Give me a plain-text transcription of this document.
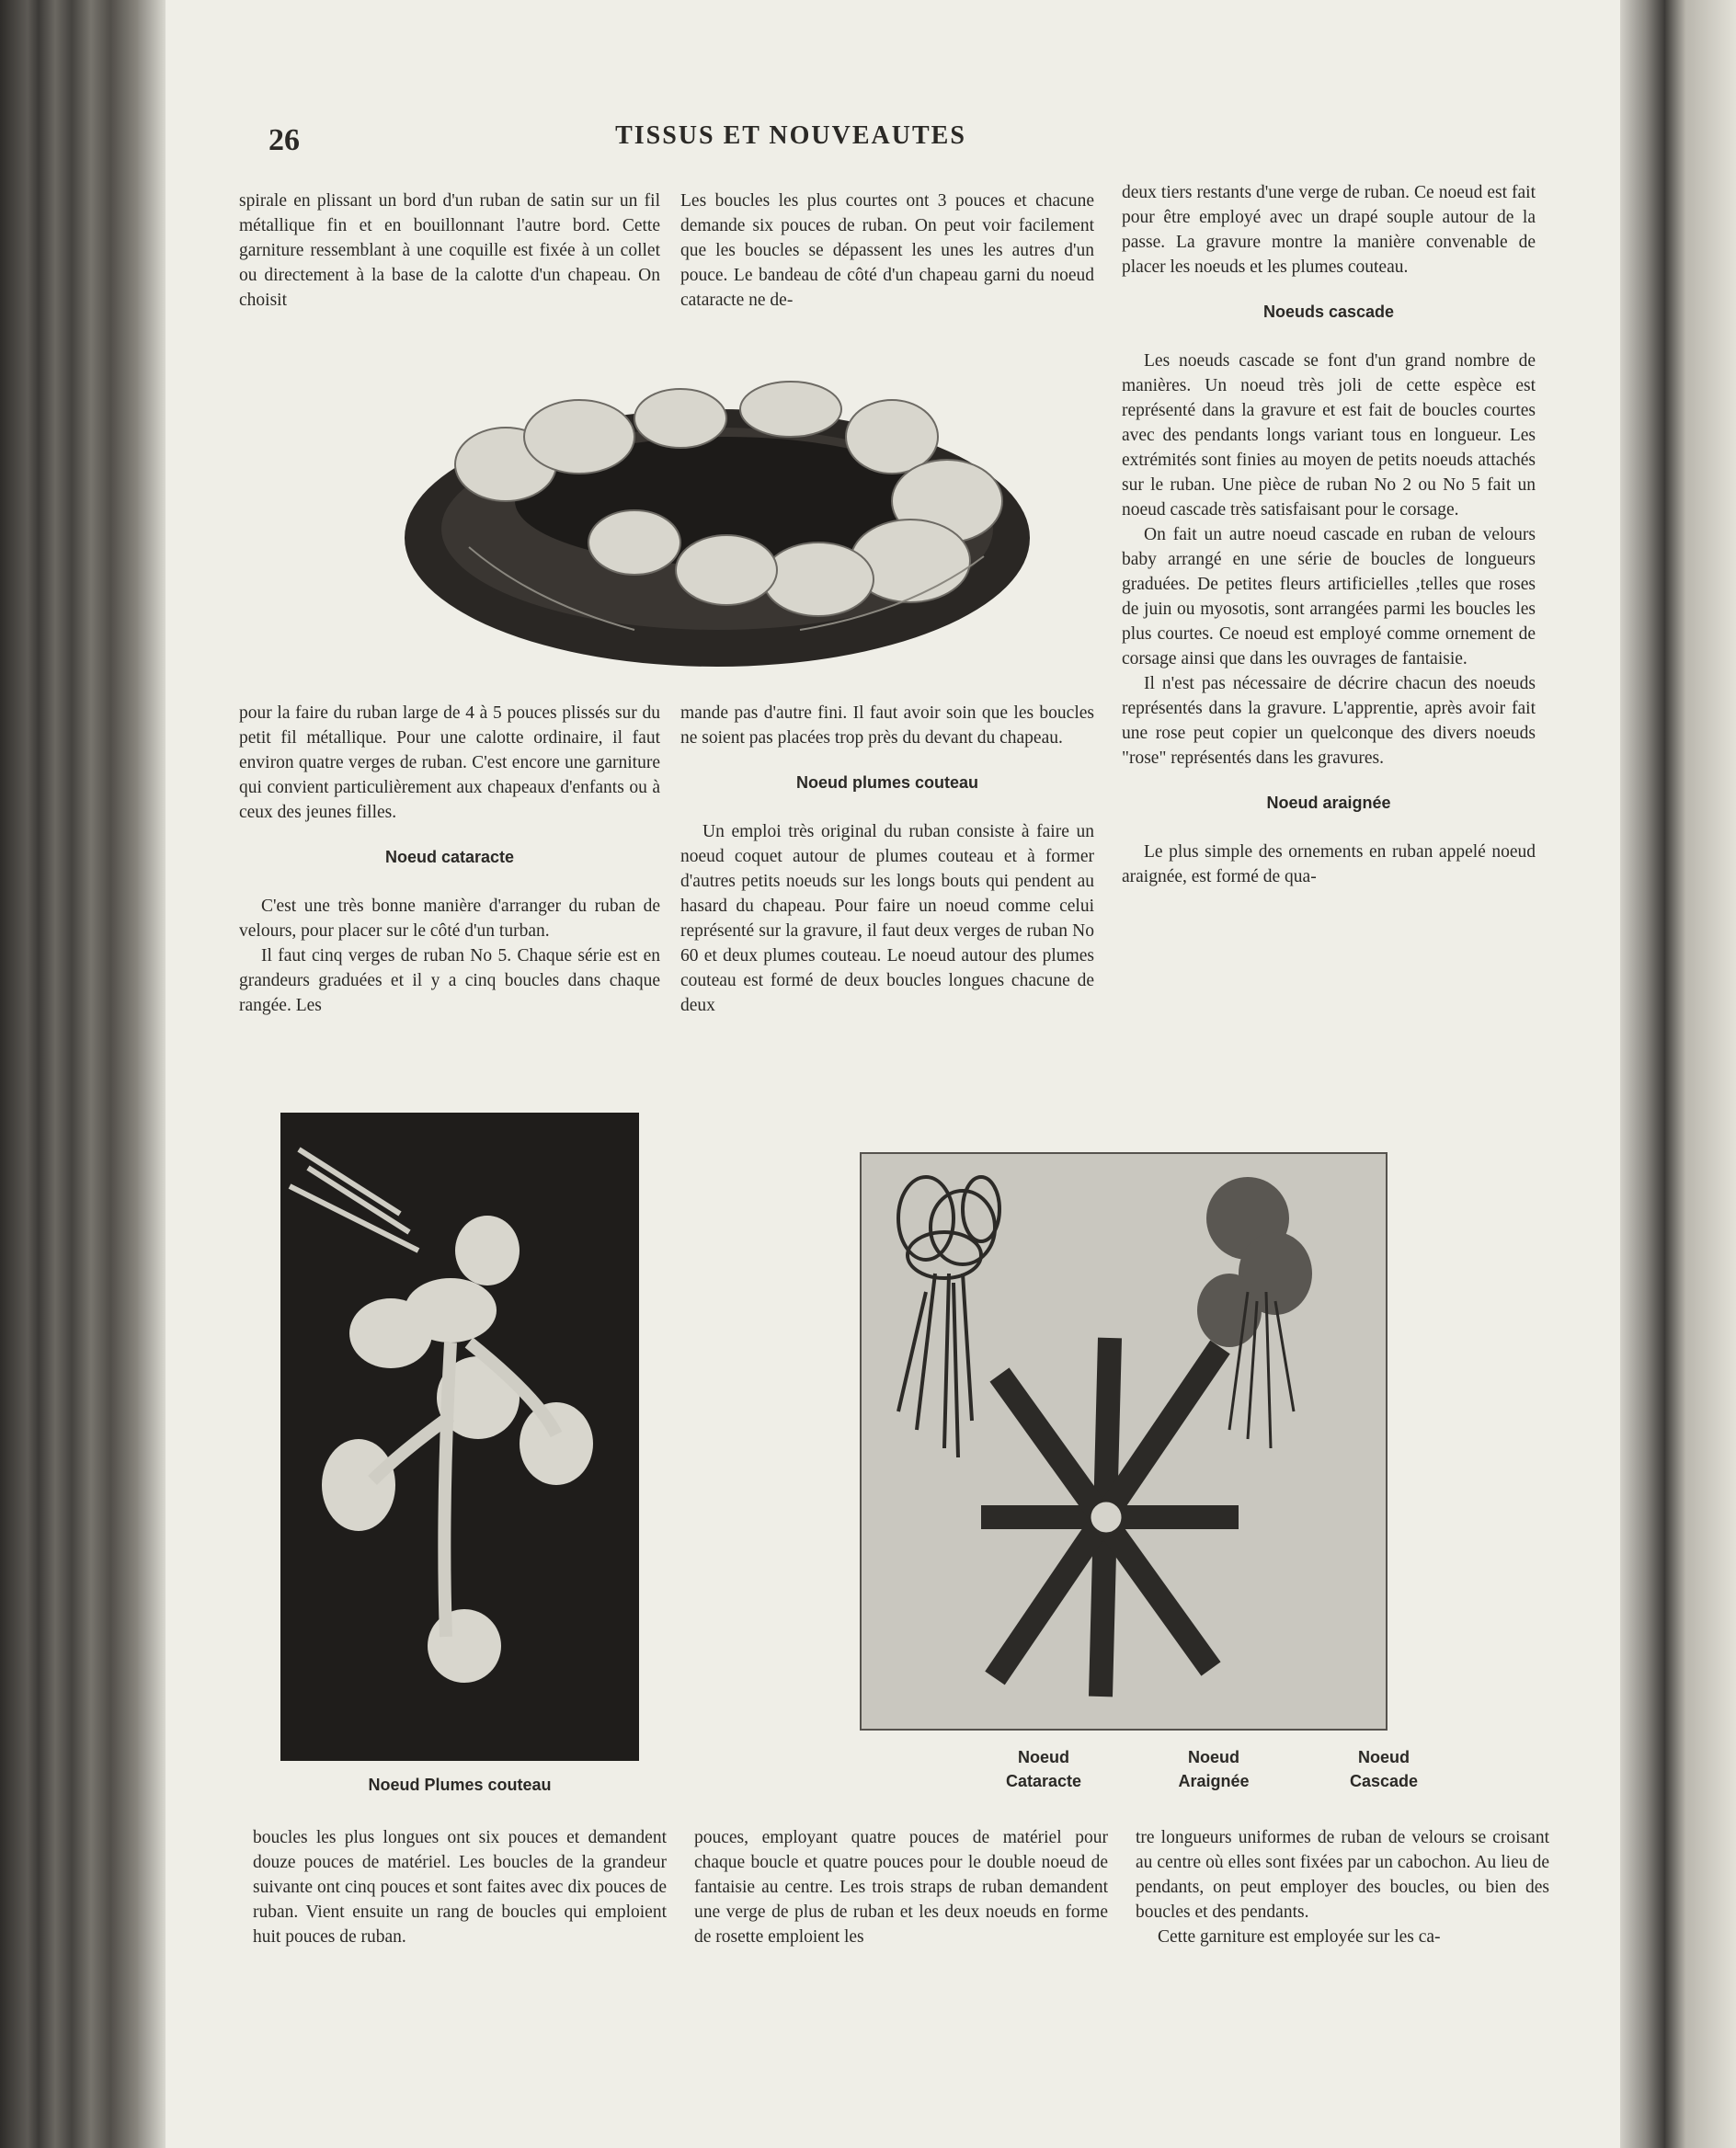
26	TISSUS ET NOUVEAUTES

spirale en plissant un bord d'un ruban de satin sur un fil métallique fin et en bouillonnant l'autre bord. Cette garniture ressemblant à une coquille est fixée à un collet ou directement à la base de la calotte d'un chapeau. On choisit

Les boucles les plus courtes ont 3 pouces et chacune demande six pouces de ruban. On peut voir facilement que les boucles se dépassent les unes les autres d'un pouce. Le bandeau de côté d'un chapeau garni du noeud cataracte ne de-

deux tiers restants d'une verge de ruban. Ce noeud est fait pour être employé avec un drapé souple autour de la passe. La gravure montre la manière convenable de placer les noeuds et les plumes couteau.

Noeuds cascade

Les noeuds cascade se font d'un grand nombre de manières. Un noeud très joli de cette espèce est représenté dans la gravure et est fait de boucles courtes avec des pendants longs variant tous en longueur. Les extrémités sont finies au moyen de petits noeuds attachés sur le ruban. Une pièce de ruban No 2 ou No 5 fait un noeud cascade très satisfaisant pour le corsage.

On fait un autre noeud cascade en ruban de velours baby arrangé en une série de boucles de longueurs graduées. De petites fleurs artificielles ,telles que roses de juin ou myosotis, sont arrangées parmi les boucles les plus courtes. Ce noeud est employé comme ornement de corsage ainsi que dans les ouvrages de fantaisie.

Il n'est pas nécessaire de décrire chacun des noeuds représentés dans la gravure. L'apprentie, après avoir fait une rose peut copier un quelconque des divers noeuds "rose" représentés dans les gravures.

Noeud araignée

Le plus simple des ornements en ruban appelé noeud araignée, est formé de qua-

pour la faire du ruban large de 4 à 5 pouces plissés sur du petit fil métallique. Pour une calotte ordinaire, il faut environ quatre verges de ruban. C'est encore une garniture qui convient particulièrement aux chapeaux d'enfants ou à ceux des jeunes filles.

Noeud cataracte

C'est une très bonne manière d'arranger du ruban de velours, pour placer sur le côté d'un turban.

Il faut cinq verges de ruban No 5. Chaque série est en grandeurs graduées et il y a cinq boucles dans chaque rangée. Les

mande pas d'autre fini. Il faut avoir soin que les boucles ne soient pas placées trop près du devant du chapeau.

Noeud plumes couteau

Un emploi très original du ruban consiste à faire un noeud coquet autour de plumes couteau et à former d'autres petits noeuds sur les longs bouts qui pendent au hasard du chapeau. Pour faire un noeud comme celui représenté sur la gravure, il faut deux verges de ruban No 60 et deux plumes couteau. Le noeud autour des plumes couteau est formé de deux boucles longues chacune de deux

Noeud Plumes couteau
Noeud
Cataracte
Noeud
Araignée
Noeud
Cascade

boucles les plus longues ont six pouces et demandent douze pouces de matériel. Les boucles de la grandeur suivante ont cinq pouces et sont faites avec dix pouces de ruban. Vient ensuite un rang de boucles qui emploient huit pouces de ruban.

pouces, employant quatre pouces de matériel pour chaque boucle et quatre pouces pour le double noeud de fantaisie au centre. Les trois straps de ruban demandent une verge de plus de ruban et les deux noeuds en forme de rosette emploient les

tre longueurs uniformes de ruban de velours se croisant au centre où elles sont fixées par un cabochon. Au lieu de pendants, on peut employer des boucles, ou bien des boucles et des pendants.

Cette garniture est employée sur les ca-
